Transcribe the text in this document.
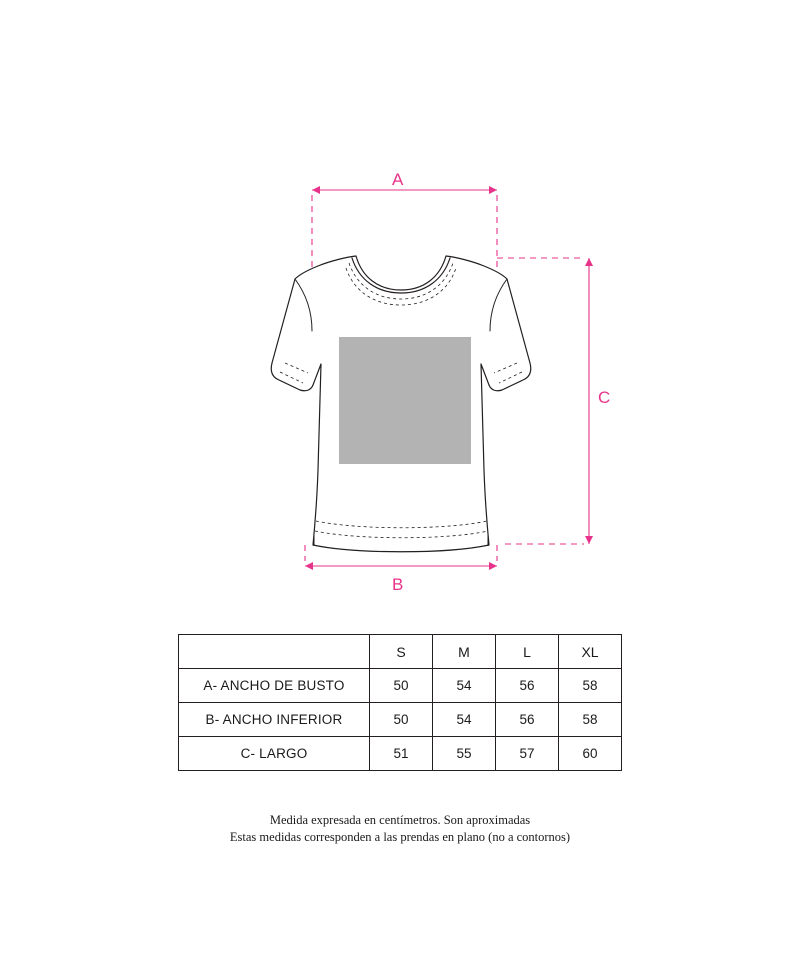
A
B
C
	S	M	L	XL
A- ANCHO DE BUSTO	50	54	56	58
B- ANCHO INFERIOR	50	54	56	58
C- LARGO	51	55	57	60
Medida expresada en centímetros. Son aproximadas
Estas medidas corresponden a las prendas en plano (no a contornos)
